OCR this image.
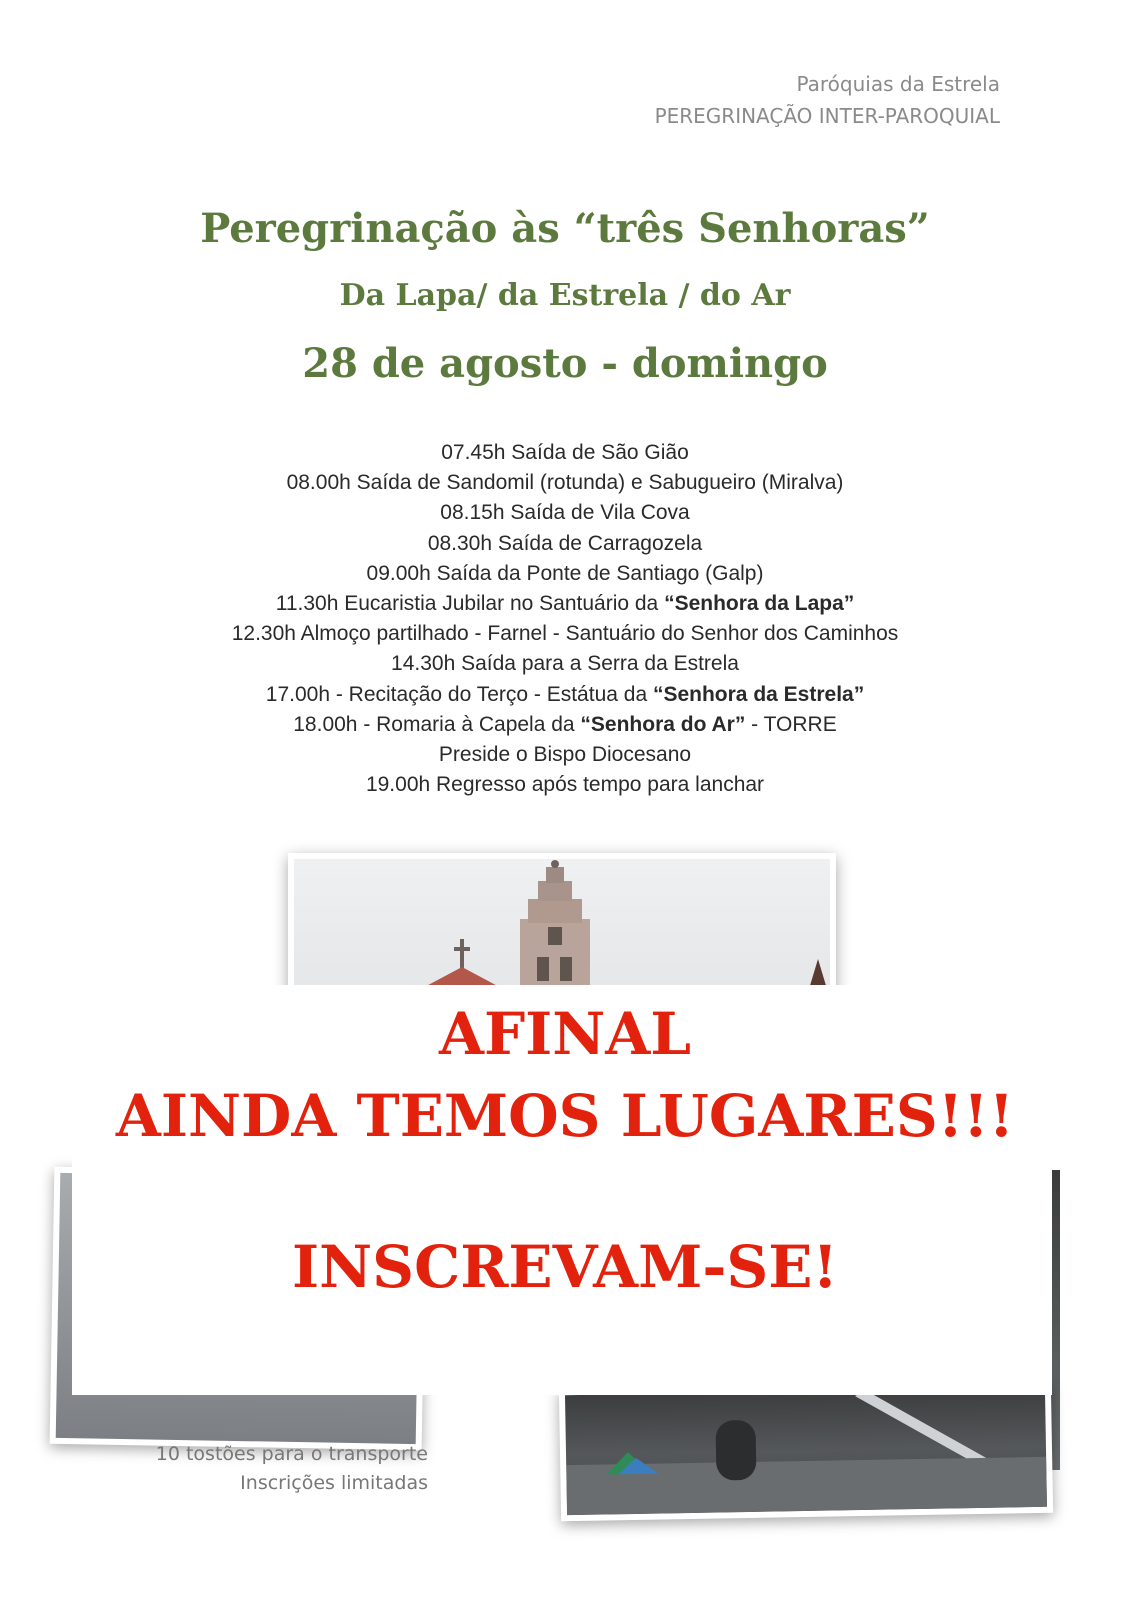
Paróquias da Estrela
PEREGRINAÇÃO INTER-PAROQUIAL
Peregrinação às “três Senhoras”
Da Lapa/ da Estrela / do Ar
28 de agosto - domingo
07.45h Saída de São Gião
08.00h Saída de Sandomil (rotunda) e Sabugueiro (Miralva)
08.15h Saída de Vila Cova
08.30h Saída de Carragozela
09.00h Saída da Ponte de Santiago (Galp)
11.30h Eucaristia Jubilar no Santuário da “Senhora da Lapa”
12.30h Almoço partilhado - Farnel - Santuário do Senhor dos Caminhos
14.30h Saída para a Serra da Estrela
17.00h - Recitação do Terço - Estátua da “Senhora da Estrela”
18.00h - Romaria à Capela da “Senhora do Ar” - TORRE
Preside o Bispo Diocesano
19.00h Regresso após tempo para lanchar
AFINAL
AINDA TEMOS LUGARES!!!
INSCREVAM-SE!
10 tostões para o transporte
Inscrições limitadas
